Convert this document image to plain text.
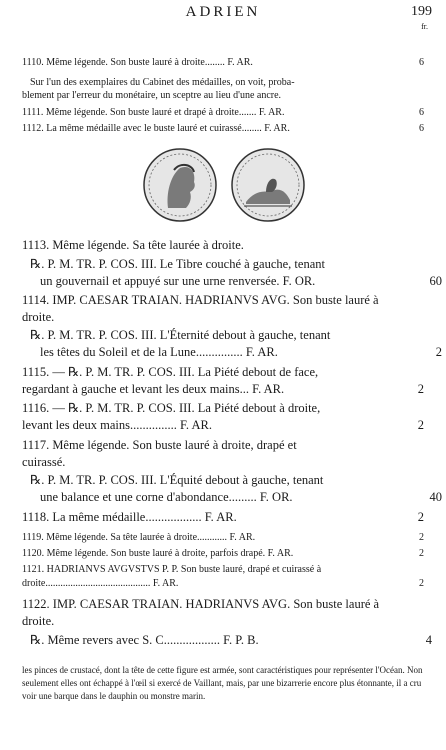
ADRIEN	199
fr.
1110. Même légende. Son buste lauré à droite........ F. AR.	6
Sur l'un des exemplaires du Cabinet des médailles, on voit, proba-
blement par l'erreur du monétaire, un sceptre au lieu d'une ancre.
1111. Même légende. Son buste lauré et drapé à droite....... F. AR.	6
1112. La même médaille avec le buste lauré et cuirassé........ F. AR.	6
1113. Même légende. Sa tête laurée à droite.
℞. P. M. TR. P. COS. III. Le Tibre couché à gauche, tenant
un gouvernail et appuyé sur une urne renversée. F. OR.	60
1114. IMP. CAESAR TRAIAN. HADRIANVS AVG. Son buste lauré à
droite.
℞. P. M. TR. P. COS. III. L'Éternité debout à gauche, tenant
les têtes du Soleil et de la Lune............... F. AR.	2
1115. — ℞. P. M. TR. P. COS. III. La Piété debout de face,
regardant à gauche et levant les deux mains... F. AR.	2
1116. — ℞. P. M. TR. P. COS. III. La Piété debout à droite,
levant les deux mains............... F. AR.	2
1117. Même légende. Son buste lauré à droite, drapé et
cuirassé.
℞. P. M. TR. P. COS. III. L'Équité debout à gauche, tenant
une balance et une corne d'abondance......... F. OR.	40
1118. La même médaille.................. F. AR.	2
1119. Même légende. Sa tête laurée à droite............ F. AR.	2
1120. Même légende. Son buste lauré à droite, parfois drapé. F. AR.	2
1121. HADRIANVS AVGVSTVS P. P. Son buste lauré, drapé et cuirassé à
droite.......................................... F. AR.	2
1122. IMP. CAESAR TRAIAN. HADRIANVS AVG. Son buste lauré à
droite.
℞. Même revers avec S. C.................. F. P. B.	4
les pinces de crustacé, dont la tête de cette figure est armée, sont caractéristiques pour représenter l'Océan. Non seulement elles ont échappé à l'œil si exercé de Vaillant, mais, par une bizarrerie encore plus étonnante, il a cru voir une barque dans le dauphin ou monstre marin.
